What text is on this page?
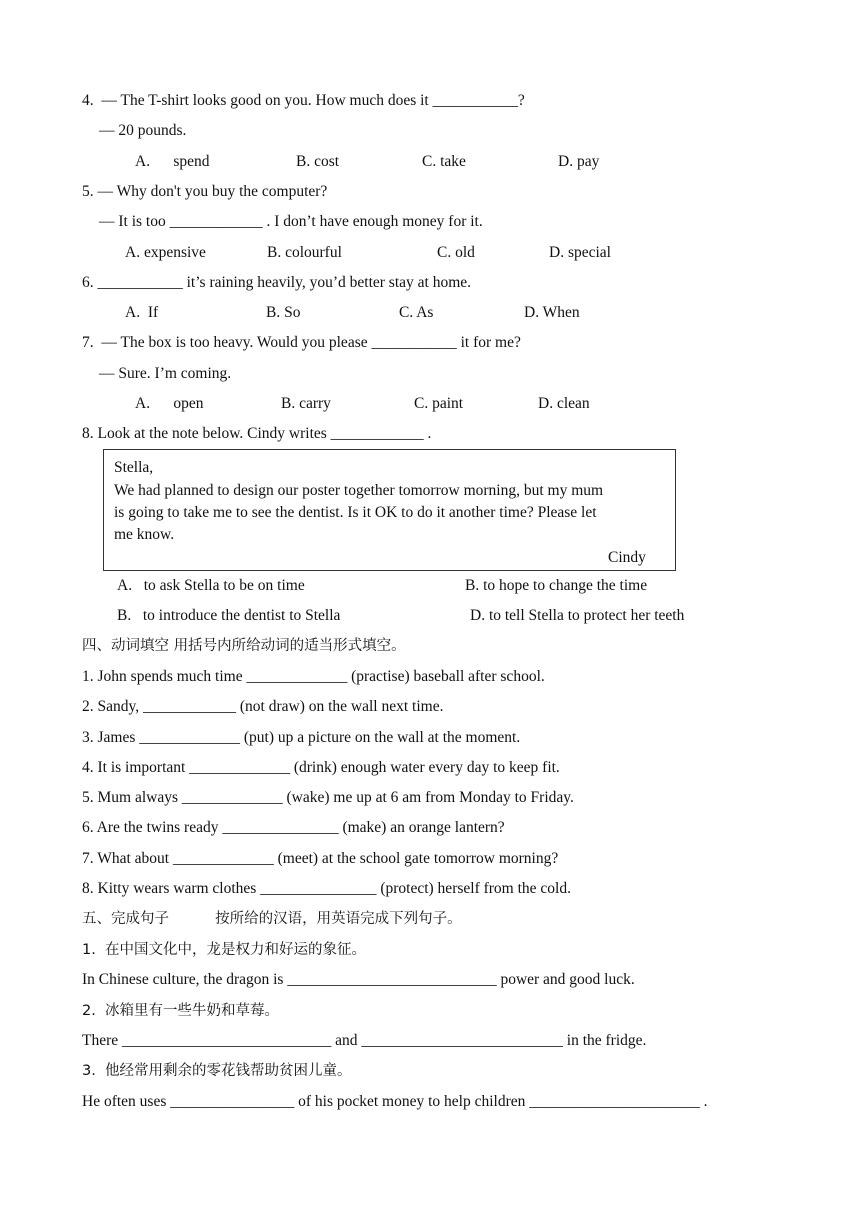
4.  — The T-shirt looks good on you. How much does it ___________?
— 20 pounds.
A.      spend	B. cost	C. take	D. pay
5. — Why don't you buy the computer?
— It is too ____________ . I don’t have enough money for it.
A. expensive	B. colourful	C. old	D. special
6. ___________ it’s raining heavily, you’d better stay at home.
A.  If	B. So	C. As	D. When
7.  — The box is too heavy. Would you please ___________ it for me?
— Sure. I’m coming.
A.      open	B. carry	C. paint	D. clean
8. Look at the note below. Cindy writes ____________ .
Stella,
We had planned to design our poster together tomorrow morning, but my mum
is going to take me to see the dentist. Is it OK to do it another time? Please let
me know.
Cindy
A.   to ask Stella to be on time	B. to hope to change the time
B.   to introduce the dentist to Stella	D. to tell Stella to protect her teeth
四、动词填空 用括号内所给动词的适当形式填空。
1. John spends much time _____________ (practise) baseball after school.
2. Sandy, ____________ (not draw) on the wall next time.
3. James _____________ (put) up a picture on the wall at the moment.
4. It is important _____________ (drink) enough water every day to keep fit.
5. Mum always _____________ (wake) me up at 6 am from Monday to Friday.
6. Are the twins ready _______________ (make) an orange lantern?
7. What about _____________ (meet) at the school gate tomorrow morning?
8. Kitty wears warm clothes _______________ (protect) herself from the cold.
五、完成句子          按所给的汉语，用英语完成下列句子。
1.  在中国文化中，龙是权力和好运的象征。
In Chinese culture, the dragon is ___________________________ power and good luck.
2.  冰箱里有一些牛奶和草莓。
There ___________________________ and __________________________ in the fridge.
3.  他经常用剩余的零花钱帮助贫困儿童。
He often uses ________________ of his pocket money to help children ______________________ .
